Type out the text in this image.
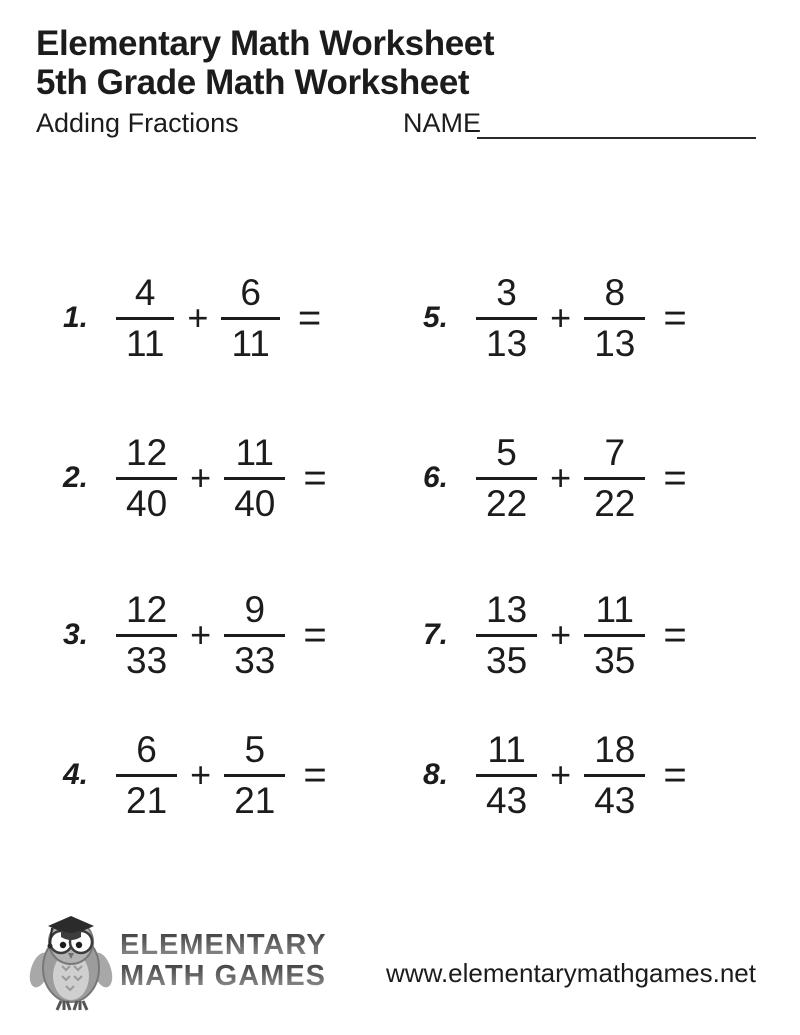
Elementary Math Worksheet
5th Grade Math Worksheet
Adding Fractions	NAME
1. $\frac{4}{11} + \frac{6}{11}$ =	5. $\frac{3}{13} + \frac{8}{13}$ =
2. $\frac{12}{40} + \frac{11}{40}$ =	6. $\frac{5}{22} + \frac{7}{22}$ =
3. $\frac{12}{33} + \frac{9}{33}$ =	7. $\frac{13}{35} + \frac{11}{35}$ =
4. $\frac{6}{21} + \frac{5}{21}$ =	8. $\frac{11}{43} + \frac{18}{43}$ =
ELEMENTARY
MATH GAMES www.elementarymathgames.net
